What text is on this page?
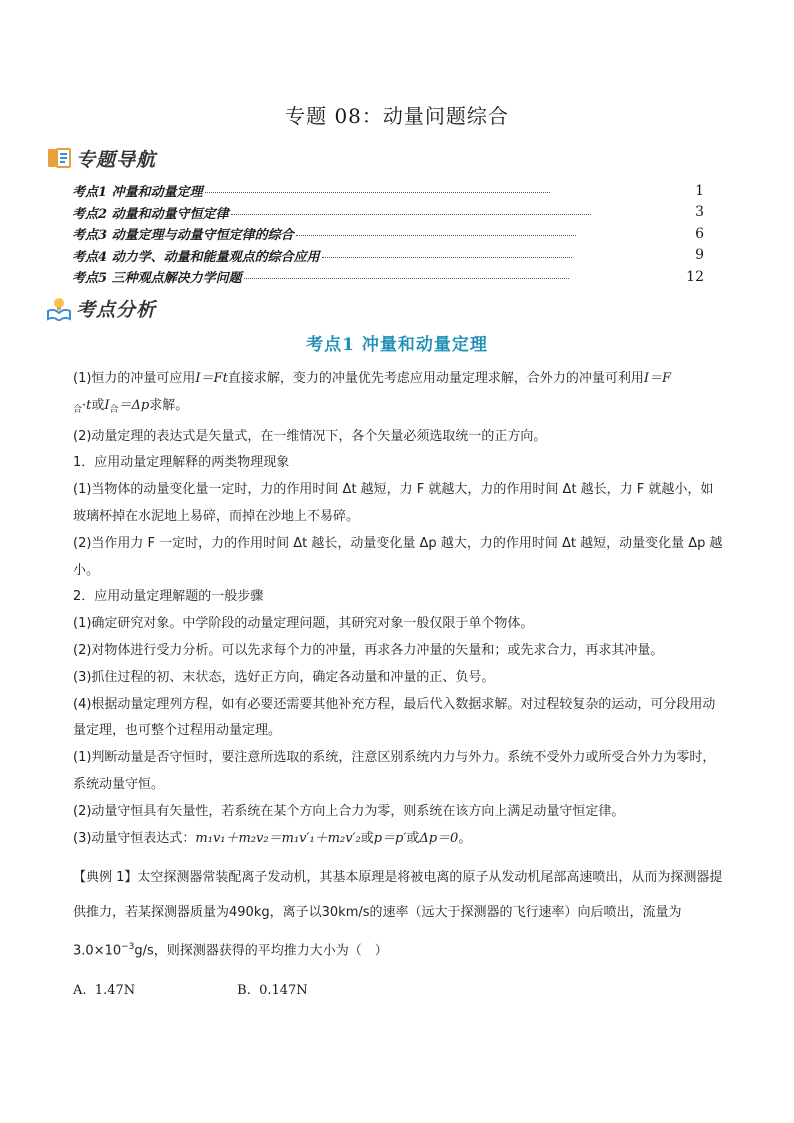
专题 08：动量问题综合
专题导航
考点1 冲量和动量定理	1
考点2 动量和动量守恒定律	3
考点3 动量定理与动量守恒定律的综合	6
考点4 动力学、动量和能量观点的综合应用	9
考点5 三种观点解决力学问题	12
考点分析
考点1 冲量和动量定理

(1)恒力的冲量可应用I＝Ft直接求解，变力的冲量优先考虑应用动量定理求解，合外力的冲量可利用I＝F
$_合$·t或$I_合=\Delta p$求解。

(2)动量定理的表达式是矢量式，在一维情况下，各个矢量必须选取统一的正方向。

1．应用动量定理解释的两类物理现象

(1)当物体的动量变化量一定时，力的作用时间 Δt 越短，力 F 就越大，力的作用时间 Δt 越长，力 F 就越小，如玻璃杯掉在水泥地上易碎，而掉在沙地上不易碎。

(2)当作用力 F 一定时，力的作用时间 Δt 越长，动量变化量 Δp 越大，力的作用时间 Δt 越短，动量变化量 Δp 越小。

2．应用动量定理解题的一般步骤

(1)确定研究对象。中学阶段的动量定理问题，其研究对象一般仅限于单个物体。

(2)对物体进行受力分析。可以先求每个力的冲量，再求各力冲量的矢量和；或先求合力，再求其冲量。

(3)抓住过程的初、末状态，选好正方向，确定各动量和冲量的正、负号。

(4)根据动量定理列方程，如有必要还需要其他补充方程，最后代入数据求解。对过程较复杂的运动，可分段用动量定理，也可整个过程用动量定理。

(1)判断动量是否守恒时，要注意所选取的系统，注意区别系统内力与外力。系统不受外力或所受合外力为零时，系统动量守恒。

(2)动量守恒具有矢量性，若系统在某个方向上合力为零，则系统在该方向上满足动量守恒定律。

(3)动量守恒表达式：m₁v₁＋m₂v₂＝m₁v′₁＋m₂v′₂或p＝p′或Δp＝0。

【典例 1】太空探测器常装配离子发动机，其基本原理是将被电离的原子从发动机尾部高速喷出，从而为探测器提供推力，若某探测器质量为490kg，离子以30km/s的速率（远大于探测器的飞行速率）向后喷出，流量为$3.0\times 10^{-3}g/s$，则探测器获得的平均推力大小为（　）

A. 1.47N	B. 0.147N
